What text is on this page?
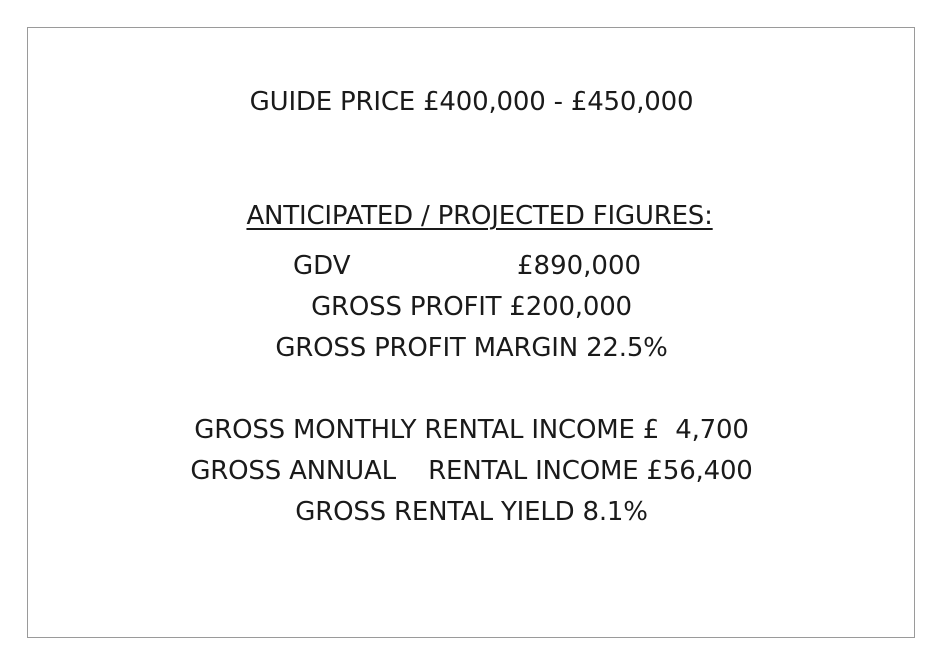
GUIDE PRICE £400,000 - £450,000

ANTICIPATED / PROJECTED FIGURES:

GDV	£890,000
GROSS PROFIT £200,000
GROSS PROFIT MARGIN 22.5%
GROSS MONTHLY RENTAL INCOME £  4,700
GROSS ANNUAL    RENTAL INCOME £56,400
GROSS RENTAL YIELD 8.1%
